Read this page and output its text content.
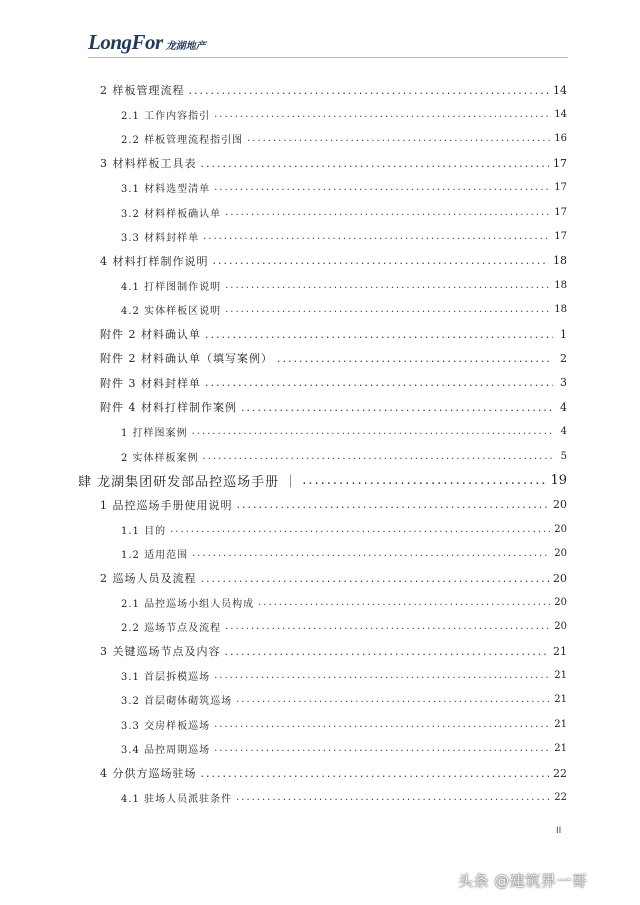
LongFor 龙湖地产
2 样板管理流程 .....	14
2.1 工作内容指引 .....	14
2.2 样板管理流程指引图 .....	16
3 材料样板工具表 .....	17
3.1 材料选型清单 .....	17
3.2 材料样板确认单 .....	17
3.3 材料封样单 .....	17
4 材料打样制作说明 .....	18
4.1 打样图制作说明 .....	18
4.2 实体样板区说明 .....	18
附件 2 材料确认单 .....	1
附件 2 材料确认单（填写案例） .....	2
附件 3 材料封样单 .....	3
附件 4 材料打样制作案例 .....	4
1 打样图案例 .....	4
2 实体样板案例 .....	5
肆 龙湖集团研发部品控巡场手册 ｜ .....	19
1 品控巡场手册使用说明 .....	20
1.1 目的 .....	20
1.2 适用范围 .....	20
2 巡场人员及流程 .....	20
2.1 品控巡场小组人员构成 .....	20
2.2 巡场节点及流程 .....	20
3 关键巡场节点及内容 .....	21
3.1 首层拆模巡场 .....	21
3.2 首层砌体砌筑巡场 .....	21
3.3 交房样板巡场 .....	21
3.4 品控周期巡场 .....	21
4 分供方巡场驻场 .....	22
4.1 驻场人员派驻条件 .....	22
II
头条 @建筑界一哥
